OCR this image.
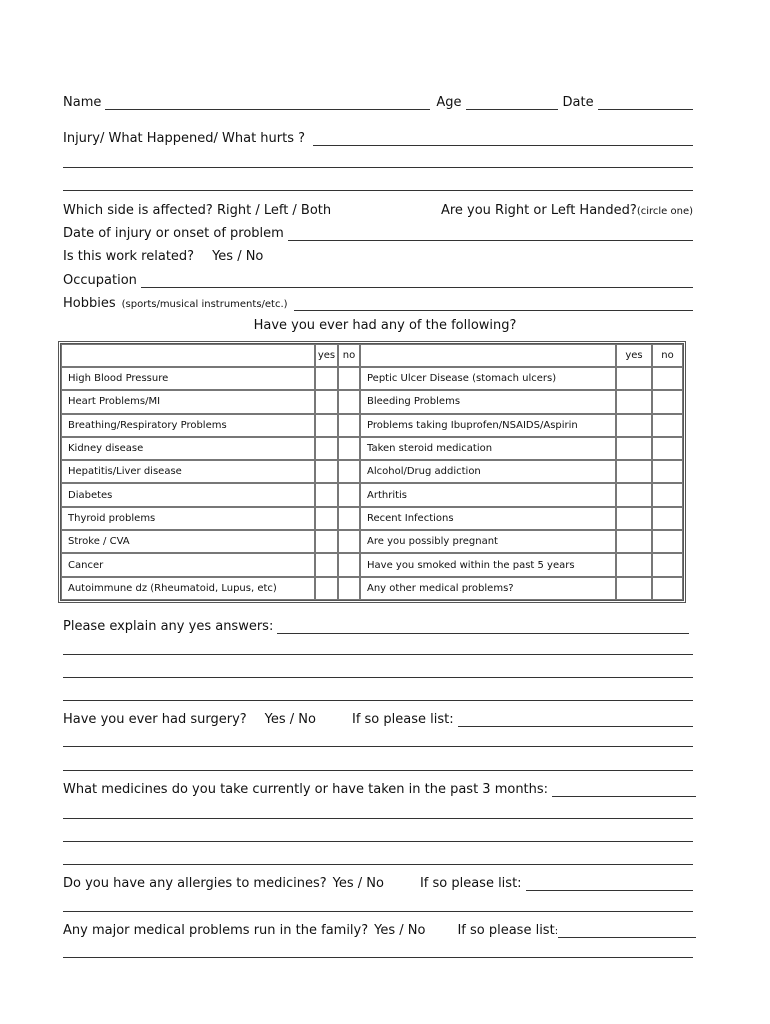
Name	Age	Date
Injury/ What Happened/ What hurts ?
Which side is affected? Right / Left / Both	Are you Right or Left Handed? (circle one)
Date of injury or onset of problem
Is this work related? Yes / No
Occupation
Hobbies (sports/musical instruments/etc.)
Have you ever had any of the following?
	yes	no		yes	no
High Blood Pressure			Peptic Ulcer Disease (stomach ulcers)		
Heart Problems/MI			Bleeding Problems		
Breathing/Respiratory Problems			Problems taking Ibuprofen/NSAIDS/Aspirin		
Kidney disease			Taken steroid medication		
Hepatitis/Liver disease			Alcohol/Drug addiction		
Diabetes			Arthritis		
Thyroid problems			Recent Infections		
Stroke / CVA			Are you possibly pregnant		
Cancer			Have you smoked within the past 5 years		
Autoimmune dz (Rheumatoid, Lupus, etc)			Any other medical problems?		
Please explain any yes answers:
Have you ever had surgery? Yes / No	If so please list:
What medicines do you take currently or have taken in the past 3 months:
Do you have any allergies to medicines? Yes / No	If so please list:
Any major medical problems run in the family? Yes / No If so please list :
